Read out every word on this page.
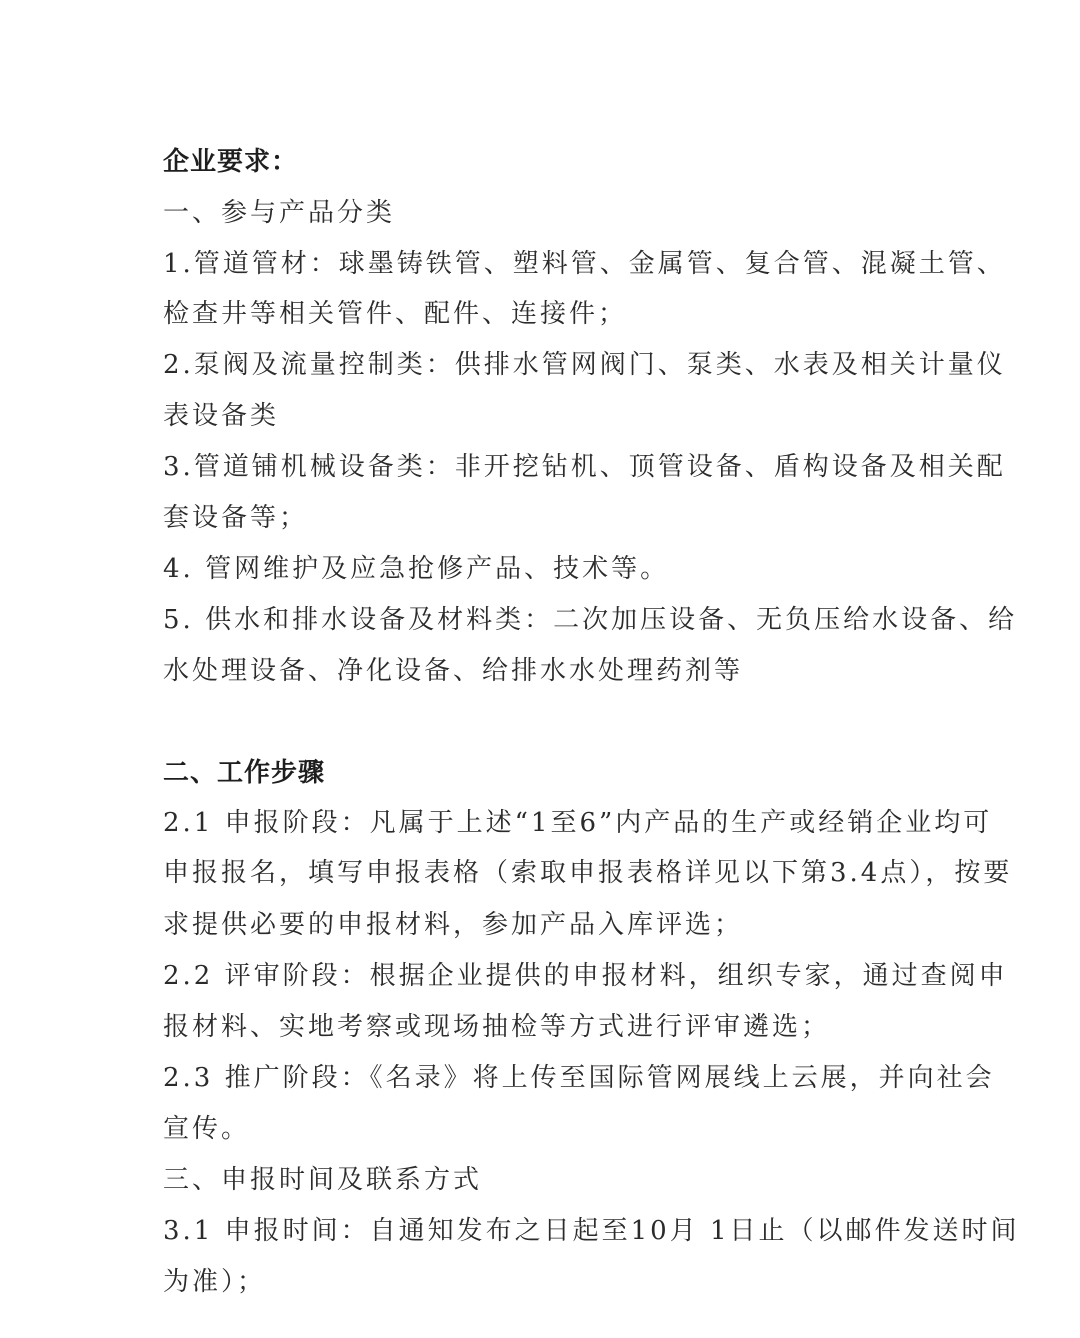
企业要求：
一、参与产品分类
1.管道管材：球墨铸铁管、塑料管、金属管、复合管、混凝土管、
检查井等相关管件、配件、连接件；
2.泵阀及流量控制类：供排水管网阀门、泵类、水表及相关计量仪
表设备类
3.管道铺机械设备类：非开挖钻机、顶管设备、盾构设备及相关配
套设备等；
4. 管网维护及应急抢修产品、技术等。
5. 供水和排水设备及材料类：二次加压设备、无负压给水设备、给
水处理设备、净化设备、给排水水处理药剂等
二、工作步骤
2.1 申报阶段：凡属于上述“1至6”内产品的生产或经销企业均可
申报报名，填写申报表格（索取申报表格详见以下第3.4点），按要
求提供必要的申报材料，参加产品入库评选；
2.2 评审阶段：根据企业提供的申报材料，组织专家，通过查阅申
报材料、实地考察或现场抽检等方式进行评审遴选；
2.3 推广阶段：《名录》将上传至国际管网展线上云展，并向社会
宣传。
三、申报时间及联系方式
3.1 申报时间：自通知发布之日起至10月 1日止（以邮件发送时间
为准）；
